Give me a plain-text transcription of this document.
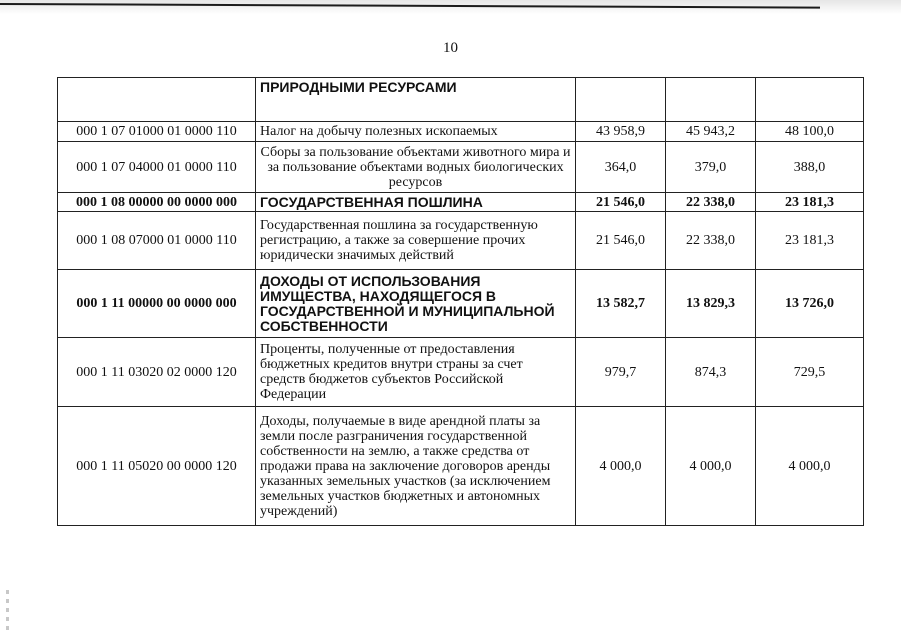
10
	ПРИРОДНЫМИ РЕСУРСАМИ			
000 1 07 01000 01 0000 110	Налог на добычу полезных ископаемых	43 958,9	45 943,2	48 100,0
000 1 07 04000 01 0000 110	Сборы за пользование объектами животного мира и за пользование объектами водных биологических ресурсов	364,0	379,0	388,0
000 1 08 00000 00 0000 000	ГОСУДАРСТВЕННАЯ ПОШЛИНА	21 546,0	22 338,0	23 181,3
000 1 08 07000 01 0000 110	Государственная пошлина за государственную регистрацию, а также за совершение прочих юридически значимых действий	21 546,0	22 338,0	23 181,3
000 1 11 00000 00 0000 000	ДОХОДЫ ОТ ИСПОЛЬЗОВАНИЯ ИМУЩЕСТВА, НАХОДЯЩЕГОСЯ В ГОСУДАРСТВЕННОЙ И МУНИЦИПАЛЬНОЙ СОБСТВЕННОСТИ	13 582,7	13 829,3	13 726,0
000 1 11 03020 02 0000 120	Проценты, полученные от предоставления бюджетных кредитов внутри страны за счет средств бюджетов субъектов Российской Федерации	979,7	874,3	729,5
000 1 11 05020 00 0000 120	Доходы, получаемые в виде арендной платы за земли после разграничения государственной собственности на землю, а также средства от продажи права на заключение договоров аренды указанных земельных участков (за исключением земельных участков бюджетных и автономных учреждений)	4 000,0	4 000,0	4 000,0
